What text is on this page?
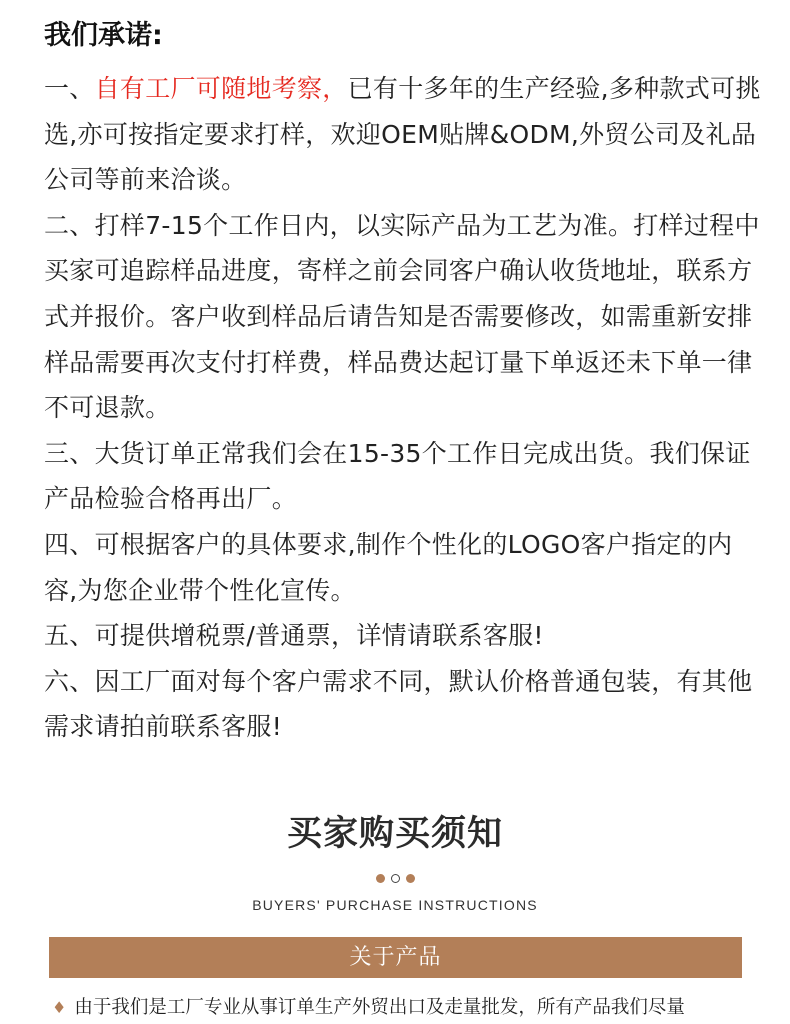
我们承诺:

一、自有工厂可随地考察，已有十多年的生产经验,多种款式可挑选,亦可按指定要求打样，欢迎OEM贴牌&ODM,外贸公司及礼品公司等前来洽谈。

二、打样7-15个工作日内，以实际产品为工艺为准。打样过程中买家可追踪样品进度，寄样之前会同客户确认收货地址，联系方式并报价。客户收到样品后请告知是否需要修改，如需重新安排样品需要再次支付打样费，样品费达起订量下单返还未下单一律不可退款。

三、大货订单正常我们会在15-35个工作日完成出货。我们保证产品检验合格再出厂。

四、可根据客户的具体要求,制作个性化的LOGO客户指定的内容,为您企业带个性化宣传。

五、可提供增税票/普通票，详情请联系客服!

六、因工厂面对每个客户需求不同，默认价格普通包装，有其他需求请拍前联系客服!

买家购买须知
BUYERS' PURCHASE INSTRUCTIONS
关于产品
♦ 由于我们是工厂专业从事订单生产外贸出口及走量批发，所有产品我们尽量
